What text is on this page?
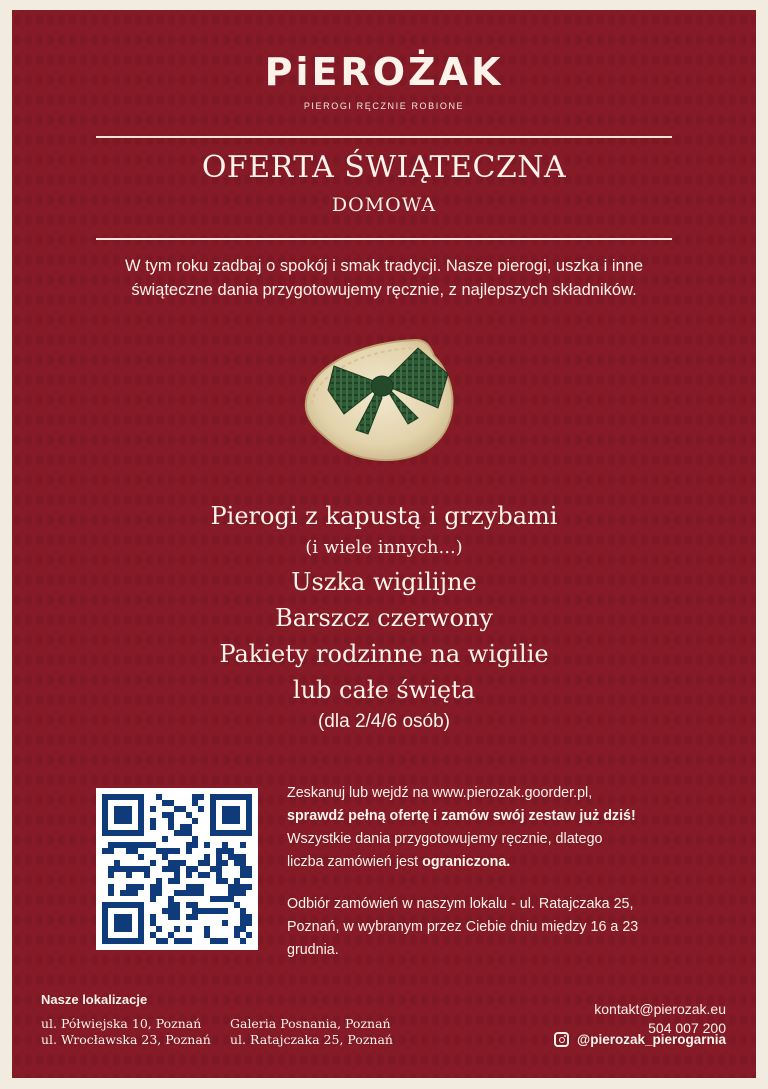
PiEROŻAK
PIEROGI RĘCZNIE ROBIONE
OFERTA ŚWIĄTECZNA
DOMOWA
W tym roku zadbaj o spokój i smak tradycji. Nasze pierogi, uszka i inne świąteczne dania przygotowujemy ręcznie, z najlepszych składników.

Pierogi z kapustą i grzybami

(i wiele innych...)

Uszka wigilijne

Barszcz czerwony

Pakiety rodzinne na wigilie

lub całe święta

(dla 2/4/6 osób)

Zeskanuj lub wejdź na www.pierozak.goorder.pl,

sprawdź pełną ofertę i zamów swój zestaw już dziś!

Wszystkie dania przygotowujemy ręcznie, dlatego

liczba zamówień jest ograniczona.

Odbiór zamówień w naszym lokalu - ul. Ratajczaka 25, Poznań, w wybranym przez Ciebie dniu między 16 a 23 grudnia.

Nasze lokalizacje
ul. Półwiejska 10, Poznań
ul. Wrocławska 23, Poznań
Galeria Posnania, Poznań
ul. Ratajczaka 25, Poznań
kontakt@pierozak.eu
504 007 200
@pierozak_pierogarnia
